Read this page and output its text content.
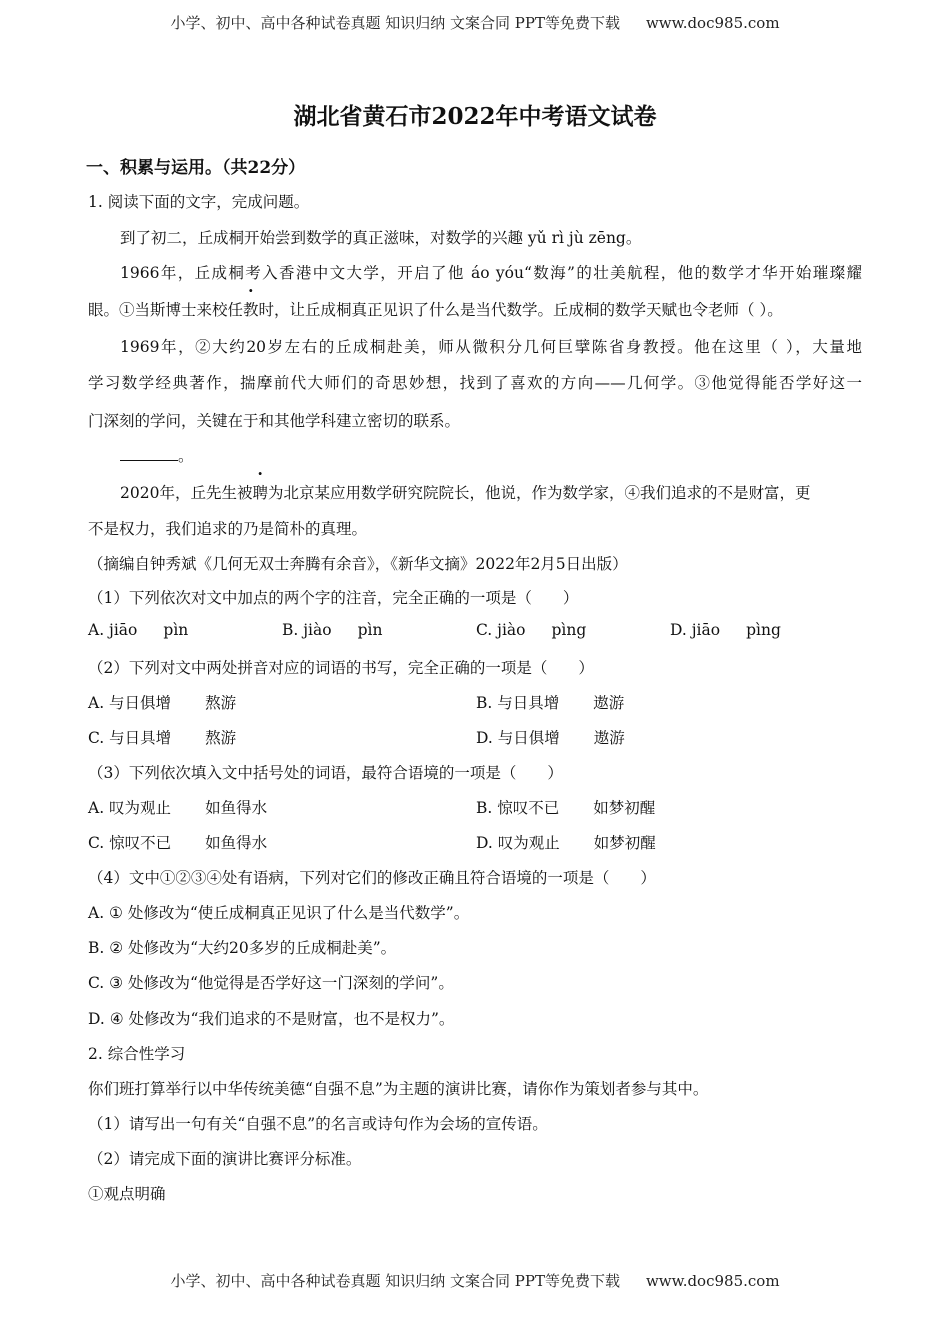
小学、初中、高中各种试卷真题 知识归纳 文案合同 PPT等免费下载 www.doc985.com
湖北省黄石市2022年中考语文试卷
一、积累与运用。（共22分）
1. 阅读下面的文字，完成问题。
到了初二，丘成桐开始尝到数学的真正滋味，对数学的兴趣 yǔ rì jù zēng。
1966年，丘成桐考入香港中文大学，开启了他 áo yóu“数海”的壮美航程，他的数学才华开始璀璨耀
眼。①当斯博士来校任教时，让丘成桐真正见识了什么是当代数学。丘成桐的数学天赋也令老师（ ）。
1969年，②大约20岁左右的丘成桐赴美，师从微积分几何巨擘陈省身教授。他在这里（ ），大量地
学习数学经典著作，揣摩前代大师们的奇思妙想，找到了喜欢的方向——几何学。③他觉得能否学好这一
门深刻的学问，关键在于和其他学科建立密切的联系。
。
2020年，丘先生被聘为北京某应用数学研究院院长，他说，作为数学家，④我们追求的不是财富，更
不是权力，我们追求的乃是简朴的真理。
（摘编自钟秀斌《几何无双士奔腾有余音》，《新华文摘》2022年2月5日出版）
（1）下列依次对文中加点的两个字的注音，完全正确的一项是（　　）
A. jiāo pìn	B. jiào pìn	C. jiào pìng	D. jiāo pìng
（2）下列对文中两处拼音对应的词语的书写，完全正确的一项是（　　）
A. 与日俱增 熬游	B. 与日具增 遨游
C. 与日具增 熬游	D. 与日俱增 遨游
（3）下列依次填入文中括号处的词语，最符合语境的一项是（　　）
A. 叹为观止 如鱼得水	B. 惊叹不已 如梦初醒
C. 惊叹不已 如鱼得水	D. 叹为观止 如梦初醒
（4）文中①②③④处有语病，下列对它们的修改正确且符合语境的一项是（　　）
A. ① 处修改为“使丘成桐真正见识了什么是当代数学”。
B. ② 处修改为“大约20多岁的丘成桐赴美”。
C. ③ 处修改为“他觉得是否学好这一门深刻的学问”。
D. ④ 处修改为“我们追求的不是财富，也不是权力”。
2. 综合性学习
你们班打算举行以中华传统美德“自强不息”为主题的演讲比赛，请你作为策划者参与其中。
（1）请写出一句有关“自强不息”的名言或诗句作为会场的宣传语。
（2）请完成下面的演讲比赛评分标准。
①观点明确
小学、初中、高中各种试卷真题 知识归纳 文案合同 PPT等免费下载 www.doc985.com
